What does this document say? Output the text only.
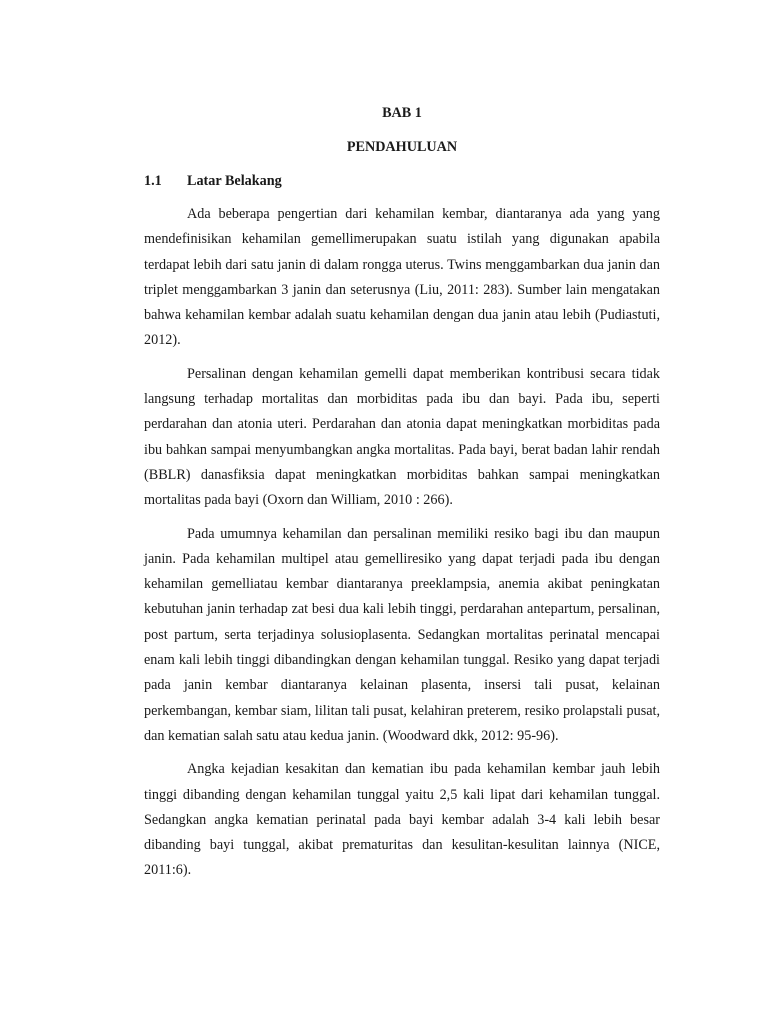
BAB 1

PENDAHULUAN

1.1	Latar Belakang

Ada beberapa pengertian dari kehamilan kembar, diantaranya ada yang yang mendefinisikan kehamilan gemellimerupakan suatu istilah yang digunakan apabila terdapat lebih dari satu janin di dalam rongga uterus. Twins menggambarkan dua janin dan triplet menggambarkan 3 janin dan seterusnya (Liu, 2011: 283). Sumber lain mengatakan bahwa kehamilan kembar adalah suatu kehamilan dengan dua janin atau lebih (Pudiastuti, 2012).

Persalinan dengan kehamilan gemelli dapat memberikan kontribusi secara tidak langsung terhadap mortalitas dan morbiditas pada ibu dan bayi. Pada ibu, seperti perdarahan dan atonia uteri. Perdarahan dan atonia dapat meningkatkan morbiditas pada ibu bahkan sampai menyumbangkan angka mortalitas. Pada bayi, berat badan lahir rendah (BBLR) danasfiksia dapat meningkatkan morbiditas bahkan sampai meningkatkan mortalitas pada bayi (Oxorn dan William, 2010 : 266).

Pada umumnya kehamilan dan persalinan memiliki resiko bagi ibu dan maupun janin. Pada kehamilan multipel atau gemelliresiko yang dapat terjadi pada ibu dengan kehamilan gemelliatau kembar diantaranya preeklampsia, anemia akibat peningkatan kebutuhan janin terhadap zat besi dua kali lebih tinggi, perdarahan antepartum, persalinan, post partum, serta terjadinya solusioplasenta. Sedangkan mortalitas perinatal mencapai enam kali lebih tinggi dibandingkan dengan kehamilan tunggal. Resiko yang dapat terjadi pada janin kembar diantaranya kelainan plasenta, insersi tali pusat, kelainan perkembangan, kembar siam, lilitan tali pusat, kelahiran preterem, resiko prolapstali pusat, dan kematian salah satu atau kedua janin. (Woodward dkk, 2012: 95-96).

Angka kejadian kesakitan dan kematian ibu pada kehamilan kembar jauh lebih tinggi dibanding dengan kehamilan tunggal yaitu 2,5 kali lipat dari kehamilan tunggal. Sedangkan angka kematian perinatal pada bayi kembar adalah 3-4 kali lebih besar dibanding bayi tunggal, akibat prematuritas dan kesulitan-kesulitan lainnya (NICE, 2011:6).
